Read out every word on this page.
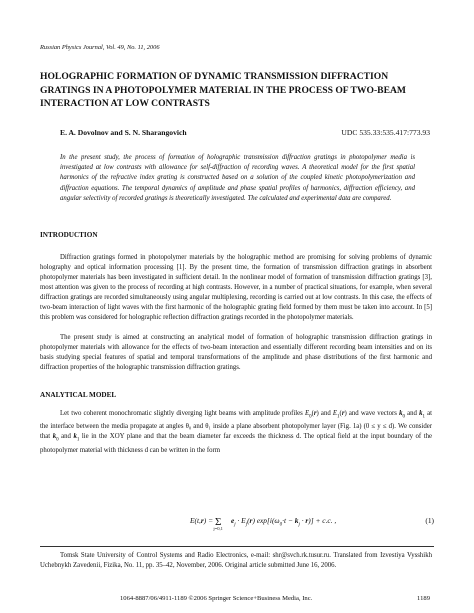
Russian Physics Journal, Vol. 49, No. 11, 2006
HOLOGRAPHIC FORMATION OF DYNAMIC TRANSMISSION DIFFRACTION GRATINGS IN A PHOTOPOLYMER MATERIAL IN THE PROCESS OF TWO-BEAM INTERACTION AT LOW CONTRASTS
E. A. Dovolnov and S. N. Sharangovich	UDC 535.33:535.417:773.93
In the present study, the process of formation of holographic transmission diffraction gratings in photopolymer media is investigated at low contrasts with allowance for self-diffraction of recording waves. A theoretical model for the first spatial harmonics of the refractive index grating is constructed based on a solution of the coupled kinetic photopolymerization and diffraction equations. The temporal dynamics of amplitude and phase spatial profiles of harmonics, diffraction efficiency, and angular selectivity of recorded gratings is theoretically investigated. The calculated and experimental data are compared.
INTRODUCTION
Diffraction gratings formed in photopolymer materials by the holographic method are promising for solving problems of dynamic holography and optical information processing [1]. By the present time, the formation of transmission diffraction gratings in absorbent photopolymer materials has been investigated in sufficient detail. In the nonlinear model of formation of transmission diffraction gratings [3], most attention was given to the process of recording at high contrasts. However, in a number of practical situations, for example, when several diffraction gratings are recorded simultaneously using angular multiplexing, recording is carried out at low contrasts. In this case, the effects of two-beam interaction of light waves with the first harmonic of the holographic grating field formed by them must be taken into account. In [5] this problem was considered for holographic reflection diffraction gratings recorded in the photopolymer materials.
The present study is aimed at constructing an analytical model of formation of holographic transmission diffraction gratings in photopolymer materials with allowance for the effects of two-beam interaction and essentially different recording beam intensities and on its basis studying special features of spatial and temporal transformations of the amplitude and phase distributions of the first harmonic and diffraction properties of the holographic transmission diffraction gratings.
ANALYTICAL MODEL
Let two coherent monochromatic slightly diverging light beams with amplitude profiles $E_0(r)$ and $E_1(r)$ and wave vectors $k_0$ and $k_1$ at the interface between the media propagate at angles θ₀ and θ₁ inside a plane absorbent photopolymer layer (Fig. 1a) (0 ≤ y ≤ d). We consider that $k_0$ and $k_1$ lie in the XOY plane and that the beam diameter far exceeds the thickness d. The optical field at the input boundary of the photopolymer material with thickness d can be written in the form
$E(t,r) = \Sigma_{j=0,1}e_j \cdot E_j(r) \exp[i(\omega_0\cdot t - k_j \cdot r)] + c.c$. ,	(1)
Tomsk State University of Control Systems and Radio Electronics, e-mail: shr@svch.rk.tusur.ru. Translated from Izvestiya Vysshikh Uchebnykh Zavedenii, Fizika, No. 11, pp. 35–42, November, 2006. Original article submitted June 16, 2006.
1064-8887/06/4911-1189 ©2006 Springer Science+Business Media, Inc.	1189
